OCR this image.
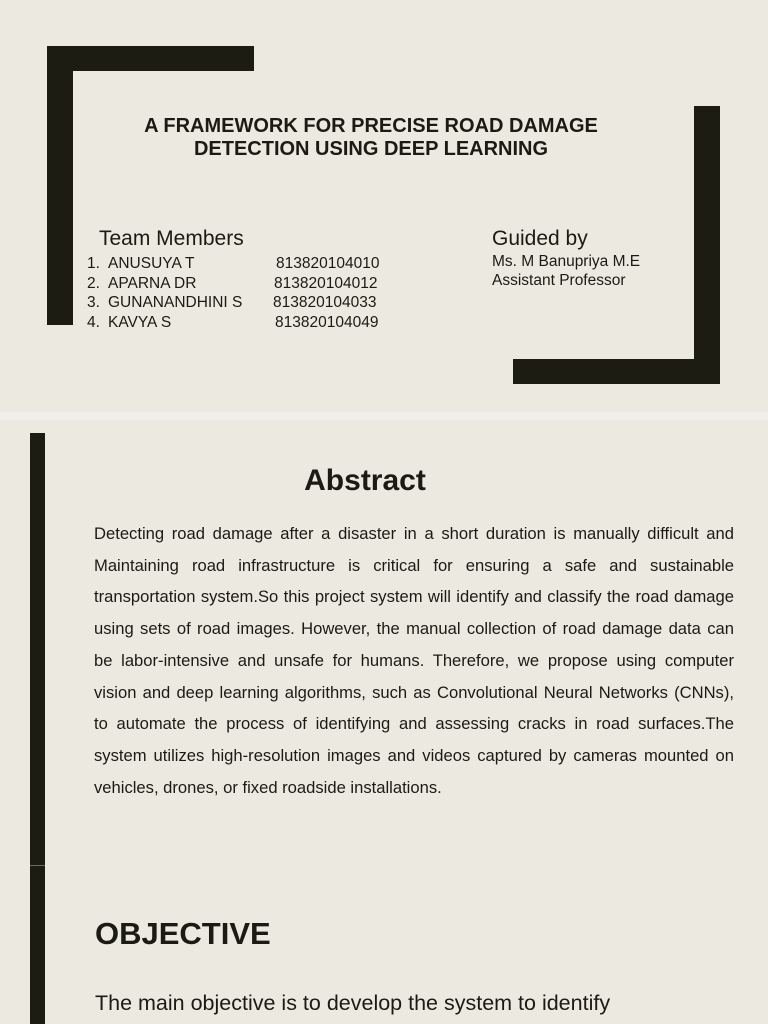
A FRAMEWORK FOR PRECISE ROAD DAMAGE
DETECTION USING DEEP LEARNING
Team Members
1. ANUSUYA T	813820104010
2. APARNA DR	813820104012
3. GUNANANDHINI S 813820104033
4. KAVYA S	813820104049
Guided by
Ms. M Banupriya M.E
Assistant Professor
Abstract
Detecting road damage after a disaster in a short duration is manually difficult and Maintaining road infrastructure is critical for ensuring a safe and sustainable transportation system.So this project system will identify and classify the road damage using sets of road images. However, the manual collection of road damage data can be labor-intensive and unsafe for humans. Therefore, we propose using computer vision and deep learning algorithms, such as Convolutional Neural Networks (CNNs), to automate the process of identifying and assessing cracks in road surfaces.The system utilizes high-resolution images and videos captured by cameras mounted on vehicles, drones, or fixed roadside installations.
OBJECTIVE
The main objective is to develop the system to identify
